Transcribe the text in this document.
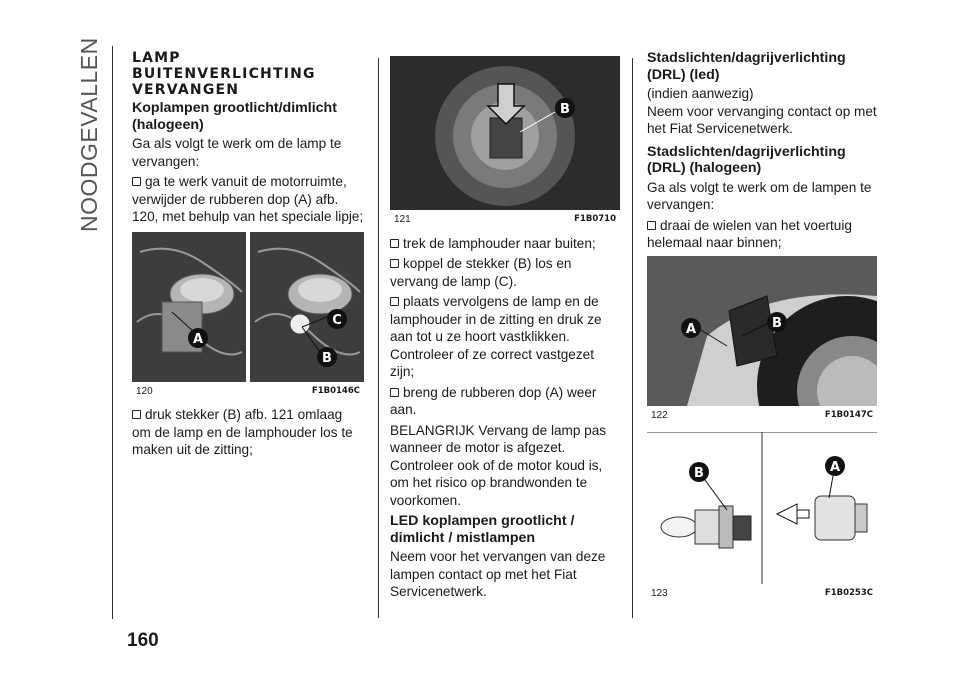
NOODGEVALLEN
160
LAMP BUITENVERLICHTING VERVANGEN
Koplampen grootlicht/dimlicht (halogeen)

Ga als volgt te werk om de lamp te vervangen:

ga te werk vanuit de motorruimte, verwijder de rubberen dop (A) afb. 120, met behulp van het speciale lipje;

A
C
B
120	F1B0146C

druk stekker (B) afb. 121 omlaag om de lamp en de lamphouder los te maken uit de zitting;

B
121	F1B0710

trek de lamphouder naar buiten;

koppel de stekker (B) los en vervang de lamp (C).

plaats vervolgens de lamp en de lamphouder in de zitting en druk ze aan tot u ze hoort vastklikken. Controleer of ze correct vastgezet zijn;

breng de rubberen dop (A) weer aan.

BELANGRIJK Vervang de lamp pas wanneer de motor is afgezet. Controleer ook of de motor koud is, om het risico op brandwonden te voorkomen.

LED koplampen grootlicht / dimlicht / mistlampen

Neem voor het vervangen van deze lampen contact op met het Fiat Servicenetwerk.

Stadslichten/dagrijverlichting (DRL) (led)

(indien aanwezig)

Neem voor vervanging contact op met het Fiat Servicenetwerk.

Stadslichten/dagrijverlichting (DRL) (halogeen)

Ga als volgt te werk om de lampen te vervangen:

draai de wielen van het voertuig helemaal naar binnen;

A	B
122	F1B0147C
B	A
123	F1B0253C
